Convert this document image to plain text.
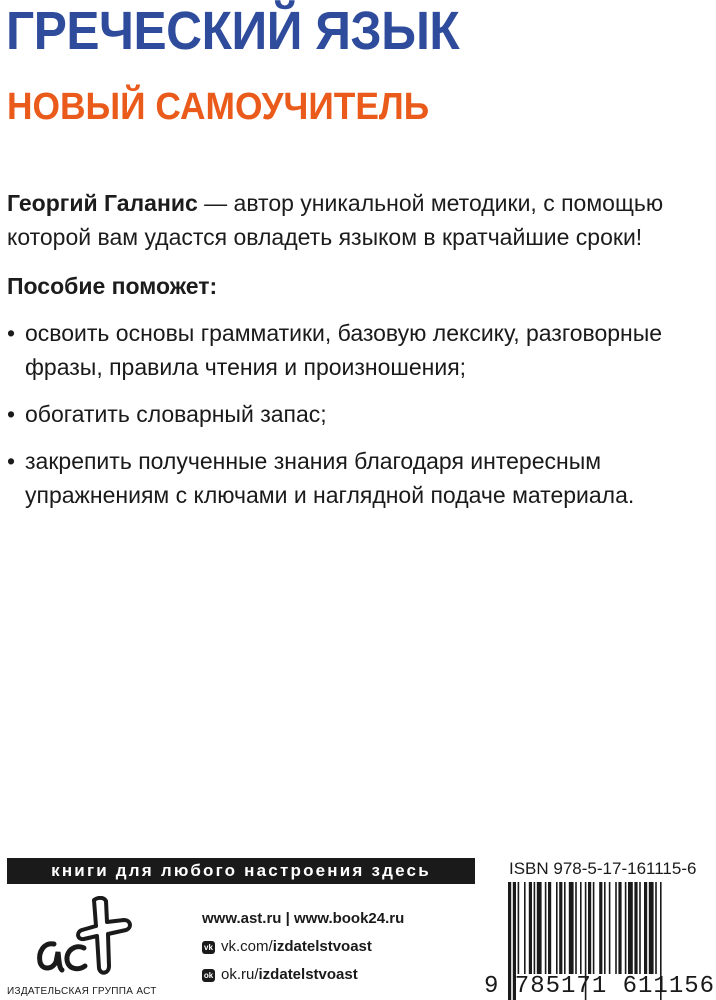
ГРЕЧЕСКИЙ ЯЗЫК
НОВЫЙ САМОУЧИТЕЛЬ
Георгий Галанис — автор уникальной методики, с помощью которой вам удастся овладеть языком в кратчайшие сроки!
Пособие поможет:
• освоить основы грамматики, базовую лексику, разговорные фразы, правила чтения и произношения;
• обогатить словарный запас;
• закрепить полученные знания благодаря интересным упражнениям с ключами и наглядной подаче материала.
книги для любого настроения здесь
ИЗДАТЕЛЬСКАЯ ГРУППА АСТ
www.ast.ru | www.book24.ru
vk vk.com/izdatelstvoast
ok ok.ru/izdatelstvoast
ISBN 978-5-17-161115-6
9 785171 611156
